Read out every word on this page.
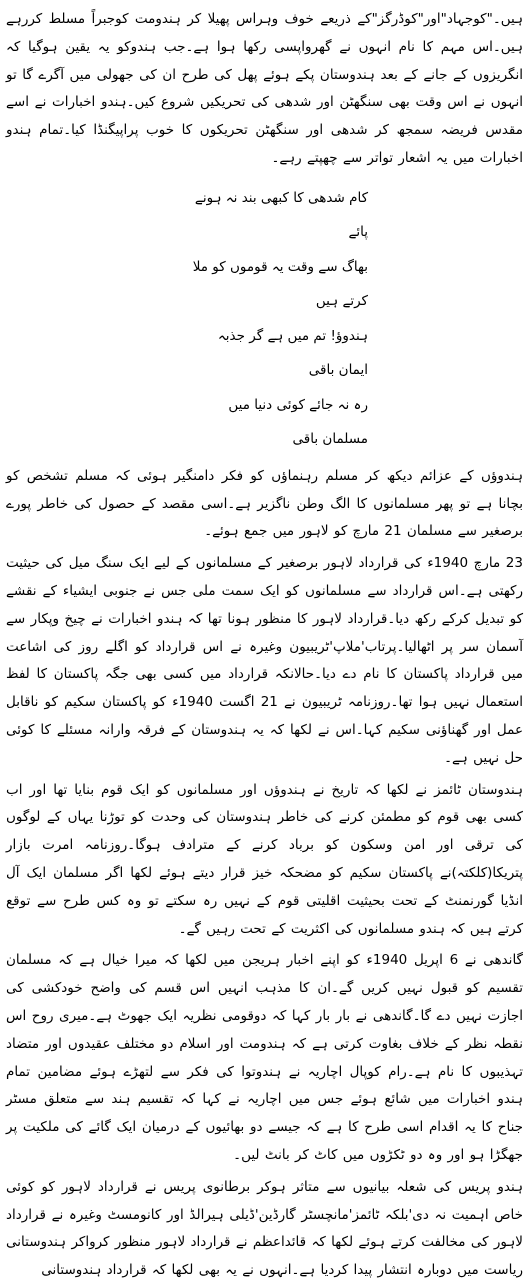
ہیں۔"کوجہاد"اور"کوڈرگز"کے ذریعے خوف وہراس پھیلا کر ہندومت کوجبراً مسلط کررہے ہیں۔اس مہم کا نام انہوں نے گھرواپسی رکھا ہوا ہے۔جب ہندوکو یہ یقین ہوگیا کہ انگریزوں کے جانے کے بعد ہندوستان پکے ہوئے پھل کی طرح ان کی جھولی میں آگرے گا تو انہوں نے اس وقت بھی سنگھٹن اور شدھی کی تحریکیں شروع کیں۔ہندو اخبارات نے اسے مقدس فریضہ سمجھ کر شدھی اور سنگھٹن تحریکوں کا خوب پراپیگنڈا کیا۔تمام ہندو اخبارات میں یہ اشعار تواتر سے چھپتے رہے۔

کام شدھی کا کبھی بند نہ ہونے
پائے
بھاگ سے وقت یہ قوموں کو ملا
کرتے ہیں
ہندوؤ! تم میں ہے گر جذبہ
ایمان باقی
رہ نہ جائے کوئی دنیا میں
مسلمان باقی

ہندوؤں کے عزائم دیکھ کر مسلم رہنماؤں کو فکر دامنگیر ہوئی کہ مسلم تشخص کو بچانا ہے تو پھر مسلمانوں کا الگ وطن ناگزیر ہے۔اسی مقصد کے حصول کی خاطر پورے برصغیر سے مسلمان 21 مارچ کو لاہور میں جمع ہوئے۔

23 مارچ 1940ء کی قرارداد لاہور برصغیر کے مسلمانوں کے لیے ایک سنگ میل کی حیثیت رکھتی ہے۔اس قرارداد سے مسلمانوں کو ایک سمت ملی جس نے جنوبی ایشیاء کے نقشے کو تبدیل کرکے رکھ دیا۔قرارداد لاہور کا منظور ہونا تھا کہ ہندو اخبارات نے چیخ وپکار سے آسمان سر پر اٹھالیا۔پرتاب'ملاپ'ٹریبیون وغیرہ نے اس قرارداد کو اگلے روز کی اشاعت میں قرارداد پاکستان کا نام دے دیا۔حالانکہ قرارداد میں کسی بھی جگہ پاکستان کا لفظ استعمال نہیں ہوا تھا۔روزنامہ ٹریبیون نے 21 اگست 1940ء کو پاکستان سکیم کو ناقابل عمل اور گھناؤنی سکیم کہا۔اس نے لکھا کہ یہ ہندوستان کے فرقہ وارانہ مسئلے کا کوئی حل نہیں ہے۔

ہندوستان ٹائمز نے لکھا کہ تاریخ نے ہندوؤں اور مسلمانوں کو ایک قوم بنایا تھا اور اب کسی بھی قوم کو مطمئن کرنے کی خاطر ہندوستان کی وحدت کو توڑنا یہاں کے لوگوں کی ترقی اور امن وسکون کو برباد کرنے کے مترادف ہوگا۔روزنامہ امرت بازار پتریکا(کلکتہ)نے پاکستان سکیم کو مضحکہ خیز قرار دیتے ہوئے لکھا اگر مسلمان ایک آل انڈیا گورنمنٹ کے تحت بحیثیت اقلیتی قوم کے نہیں رہ سکتے تو وہ کس طرح سے توقع کرتے ہیں کہ ہندو مسلمانوں کی اکثریت کے تحت رہیں گے۔

گاندھی نے 6 اپریل 1940ء کو اپنے اخبار ہریجن میں لکھا کہ میرا خیال ہے کہ مسلمان تقسیم کو قبول نہیں کریں گے۔ان کا مذہب انہیں اس قسم کی واضح خودکشی کی اجازت نہیں دے گا۔گاندھی نے بار بار کہا کہ دوقومی نظریہ ایک جھوٹ ہے۔میری روح اس نقطہ نظر کے خلاف بغاوت کرتی ہے کہ ہندومت اور اسلام دو مختلف عقیدوں اور متضاد تہذیبوں کا نام ہے۔رام کوپال اچاریہ نے ہندوتوا کی فکر سے لتھڑے ہوئے مضامین تمام ہندو اخبارات میں شائع ہوئے جس میں اچاریہ نے کہا کہ تقسیم ہند سے متعلق مسٹر جناح کا یہ اقدام اسی طرح کا ہے کہ جیسے دو بھائیوں کے درمیان ایک گائے کی ملکیت پر جھگڑا ہو اور وہ دو ٹکڑوں میں کاٹ کر بانٹ لیں۔

ہندو پریس کی شعلہ بیانیوں سے متاثر ہوکر برطانوی پریس نے قرارداد لاہور کو کوئی خاص اہمیت نہ دی'بلکہ ٹائمز'مانچسٹر گارڈین'ڈیلی ہیرالڈ اور کانومسٹ وغیرہ نے قرارداد لاہور کی مخالفت کرتے ہوئے لکھا کہ قائداعظم نے قرارداد لاہور منظور کرواکر ہندوستانی ریاست میں دوبارہ انتشار پیدا کردیا ہے۔انہوں نے یہ بھی لکھا کہ قرارداد ہندوستانی
